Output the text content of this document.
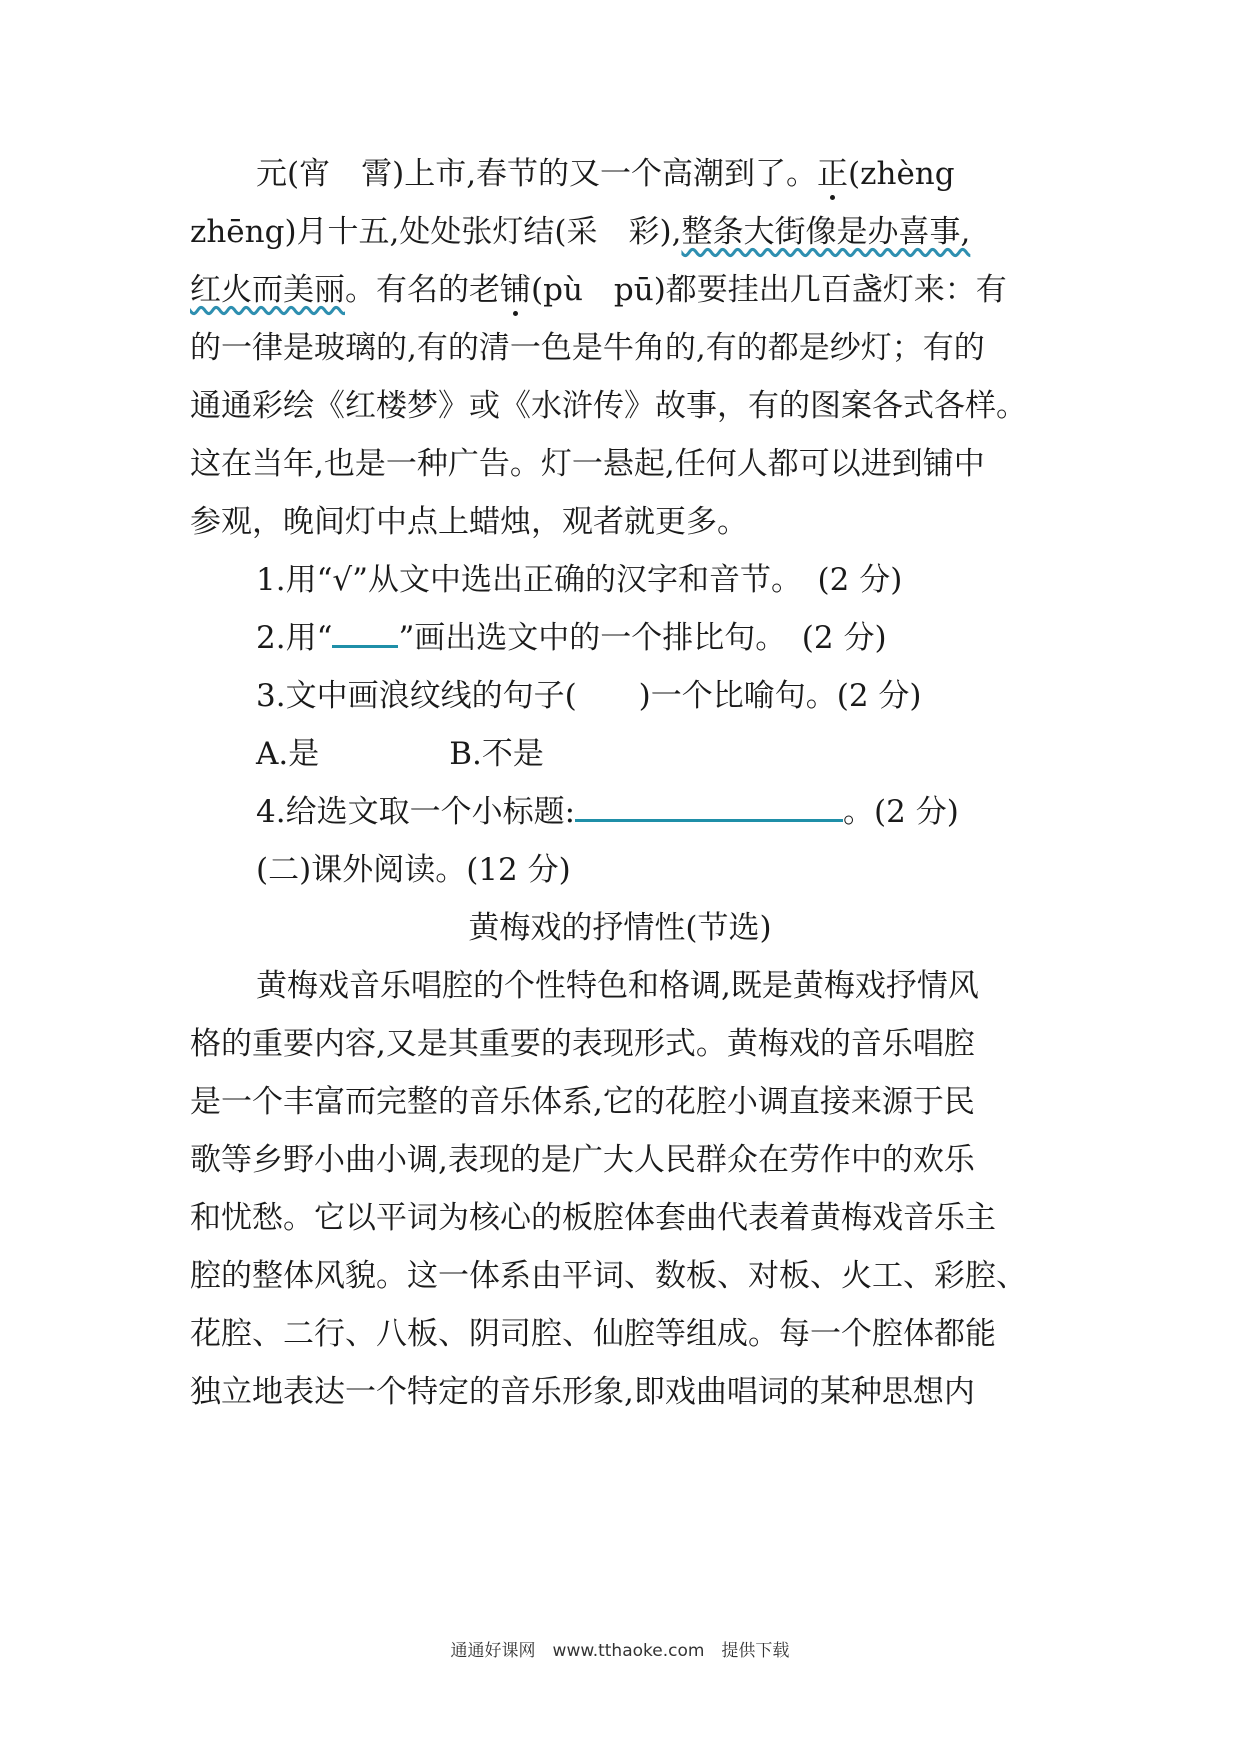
元(宵　霄)上市,春节的又一个高潮到了。正(zhèng
zhēng)月十五,处处张灯结(采　彩),整条大街像是办喜事,
红火而美丽。有名的老铺(pù　pū)都要挂出几百盏灯来：有
的一律是玻璃的,有的清一色是牛角的,有的都是纱灯；有的
通通彩绘《红楼梦》或《水浒传》故事，有的图案各式各样。
这在当年,也是一种广告。灯一悬起,任何人都可以进到铺中
参观，晚间灯中点上蜡烛，观者就更多。
1.用“√”从文中选出正确的汉字和音节。　(2 分)
2.用“ ”画出选文中的一个排比句。　(2 分)
3.文中画浪纹线的句子(　　)一个比喻句。(2 分)
A.是	B.不是
4.给选文取一个小标题:	。(2 分)
(二)课外阅读。(12 分)
黄梅戏的抒情性(节选)
黄梅戏音乐唱腔的个性特色和格调,既是黄梅戏抒情风
格的重要内容,又是其重要的表现形式。黄梅戏的音乐唱腔
是一个丰富而完整的音乐体系,它的花腔小调直接来源于民
歌等乡野小曲小调,表现的是广大人民群众在劳作中的欢乐
和忧愁。它以平词为核心的板腔体套曲代表着黄梅戏音乐主
腔的整体风貌。这一体系由平词、数板、对板、火工、彩腔、
花腔、二行、八板、阴司腔、仙腔等组成。每一个腔体都能
独立地表达一个特定的音乐形象,即戏曲唱词的某种思想内
通通好课网　www.tthaoke.com　提供下载
